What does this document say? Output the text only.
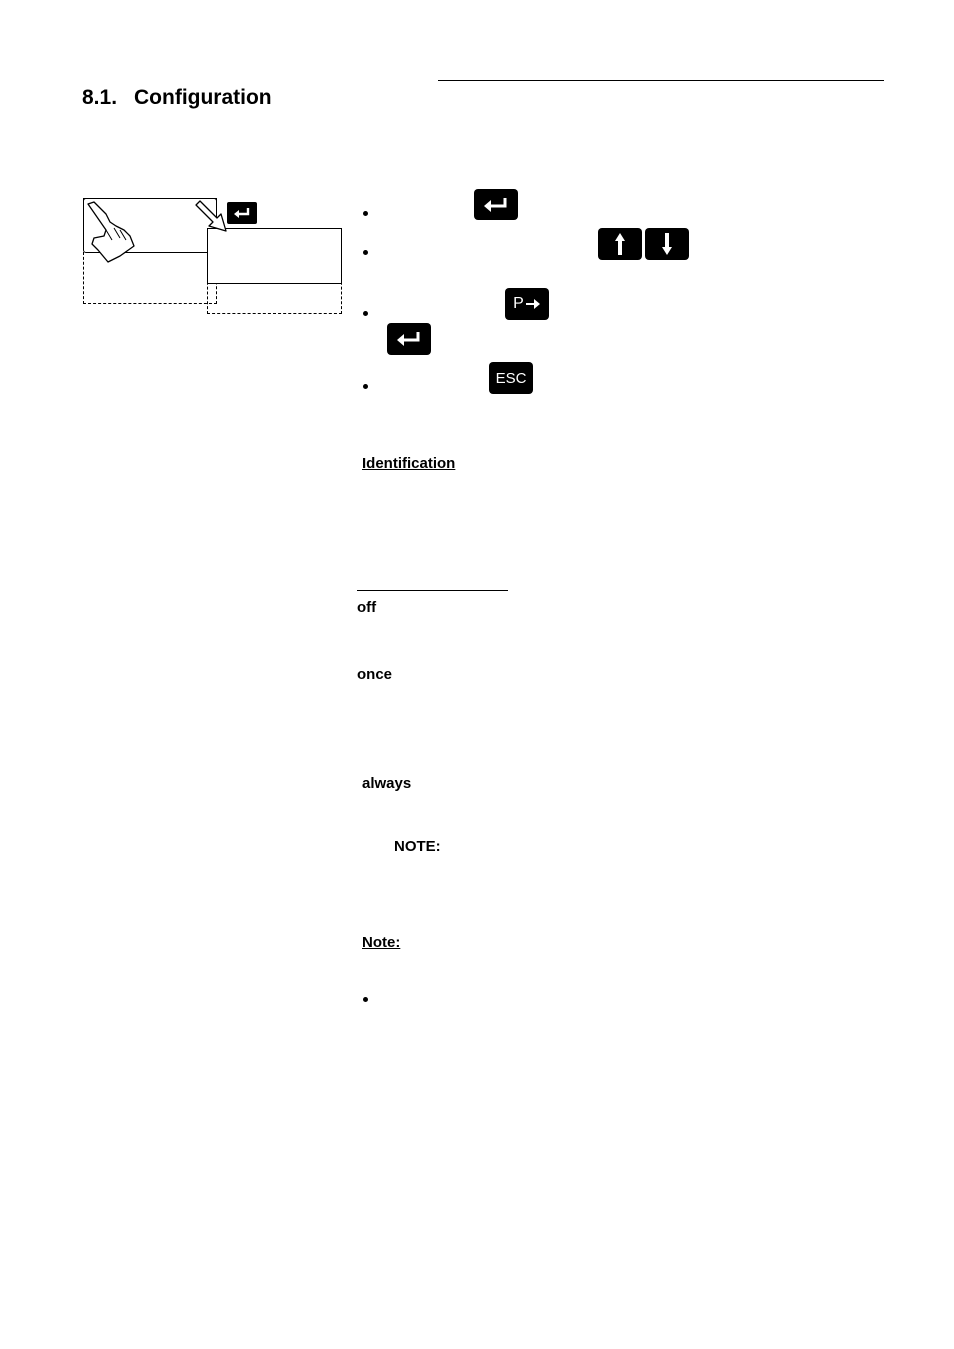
8.1. Configuration
P
ESC
Identification
off
once
always
NOTE:
Note:
